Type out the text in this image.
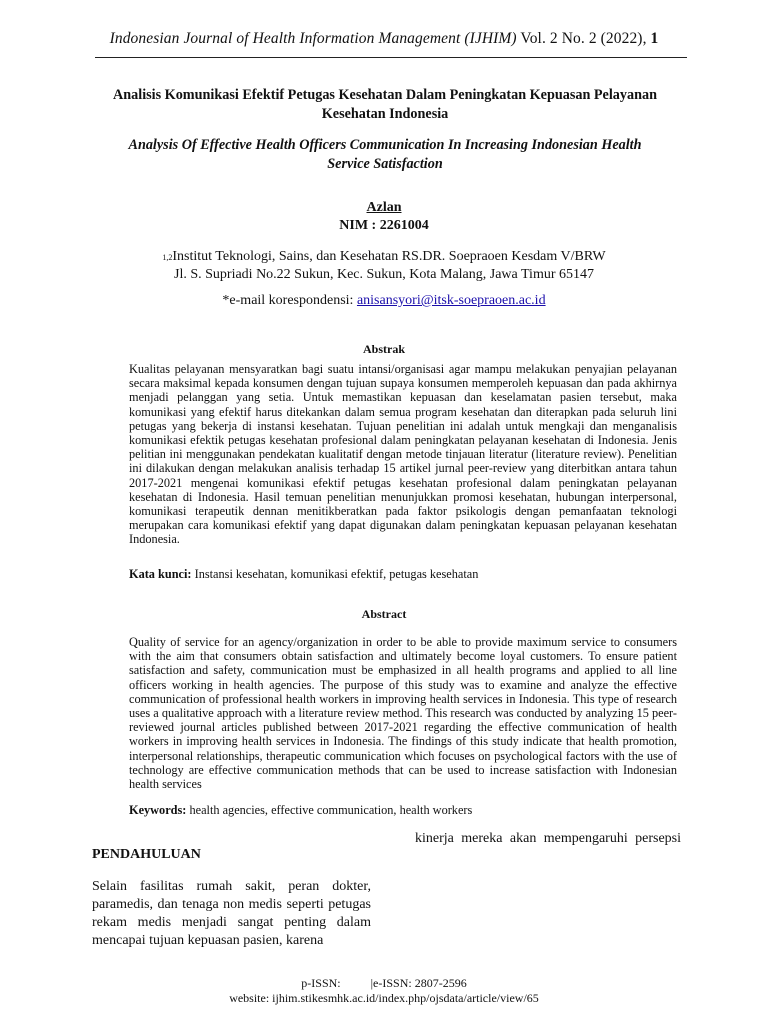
Indonesian Journal of Health Information Management (IJHIM) Vol. 2 No. 2 (2022), 1
Analisis Komunikasi Efektif Petugas Kesehatan Dalam Peningkatan Kepuasan Pelayanan
Kesehatan Indonesia
Analysis Of Effective Health Officers Communication In Increasing Indonesian Health
Service Satisfaction
Azlan
NIM : 2261004
$^{1,2}$Institut Teknologi, Sains, dan Kesehatan RS.DR. Soepraoen Kesdam V/BRW
Jl. S. Supriadi No.22 Sukun, Kec. Sukun, Kota Malang, Jawa Timur 65147
*e-mail korespondensi: anisansyori@itsk-soepraoen.ac.id
Abstrak

Kualitas pelayanan mensyaratkan bagi suatu intansi/organisasi agar mampu melakukan penyajian pelayanan secara maksimal kepada konsumen dengan tujuan supaya konsumen memperoleh kepuasan dan pada akhirnya menjadi pelanggan yang setia. Untuk memastikan kepuasan dan keselamatan pasien tersebut, maka komunikasi yang efektif harus ditekankan dalam semua program kesehatan dan diterapkan pada seluruh lini petugas yang bekerja di instansi kesehatan. Tujuan penelitian ini adalah untuk mengkaji dan menganalisis komunikasi efektik petugas kesehatan profesional dalam peningkatan pelayanan kesehatan di Indonesia. Jenis pelitian ini menggunakan pendekatan kualitatif dengan metode tinjauan literatur (literature review). Penelitian ini dilakukan dengan melakukan analisis terhadap 15 artikel jurnal peer-review yang diterbitkan antara tahun 2017-2021 mengenai komunikasi efektif petugas kesehatan profesional dalam peningkatan pelayanan kesehatan di Indonesia. Hasil temuan penelitian menunjukkan promosi kesehatan, hubungan interpersonal, komunikasi terapeutik dennan menitikberatkan pada faktor psikologis dengan pemanfaatan teknologi merupakan cara komunikasi efektif yang dapat digunakan dalam peningkatan kepuasan pelayanan kesehatan Indonesia.

Kata kunci: Instansi kesehatan, komunikasi efektif, petugas kesehatan
Abstract

Quality of service for an agency/organization in order to be able to provide maximum service to consumers with the aim that consumers obtain satisfaction and ultimately become loyal customers. To ensure patient satisfaction and safety, communication must be emphasized in all health programs and applied to all line officers working in health agencies. The purpose of this study was to examine and analyze the effective communication of professional health workers in improving health services in Indonesia. This type of research uses a qualitative approach with a literature review method. This research was conducted by analyzing 15 peer-reviewed journal articles published between 2017-2021 regarding the effective communication of health workers in improving health services in Indonesia. The findings of this study indicate that health promotion, interpersonal relationships, therapeutic communication which focuses on psychological factors with the use of technology are effective communication methods that can be used to increase satisfaction with Indonesian health services

Keywords: health agencies, effective communication, health workers
kinerja mereka akan mempengaruhi persepsi
PENDAHULUAN

Selain fasilitas rumah sakit, peran dokter, paramedis, dan tenaga non medis seperti petugas rekam medis menjadi sangat penting dalam mencapai tujuan kepuasan pasien, karena

p-ISSN:	|e-ISSN: 2807-2596
website: ijhim.stikesmhk.ac.id/index.php/ojsdata/article/view/65
